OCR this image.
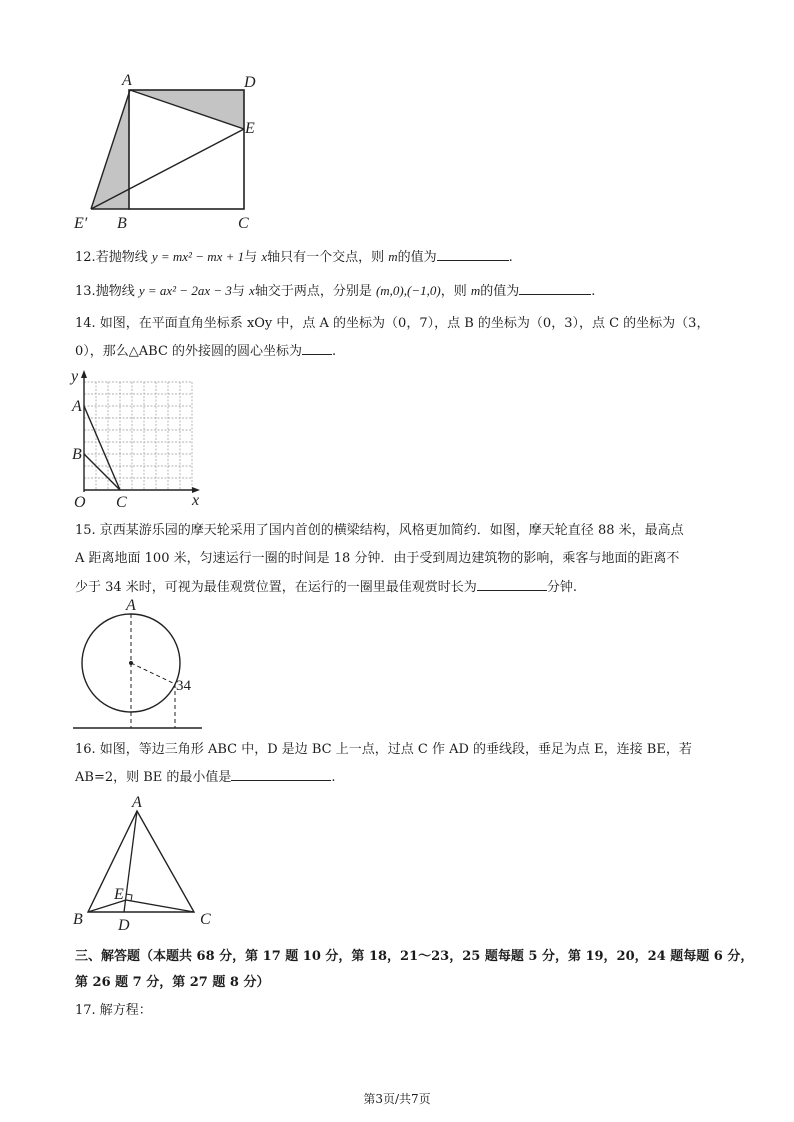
A	D
E
E′ B	C
12.若抛物线 y = mx² − mx + 1与 x轴只有一个交点，则 m的值为	.
13.抛物线 y = ax² − 2ax − 3与 x轴交于两点，分别是 (m,0),(−1,0)，则 m的值为	.
14. 如图，在平面直角坐标系 xOy 中，点 A 的坐标为（0，7），点 B 的坐标为（0，3），点 C 的坐标为（3，
0），那么△ABC 的外接圆的圆心坐标为 .
y
A
B
O C	x
15. 京西某游乐园的摩天轮采用了国内首创的横梁结构，风格更加简约．如图，摩天轮直径 88 米，最高点
A 距离地面 100 米，匀速运行一圈的时间是 18 分钟．由于受到周边建筑物的影响，乘客与地面的距离不
少于 34 米时，可视为最佳观赏位置，在运行的一圈里最佳观赏时长为	分钟.
A
34
16. 如图，等边三角形 ABC 中，D 是边 BC 上一点，过点 C 作 AD 的垂线段，垂足为点 E，连接 BE，若
AB=2，则 BE 的最小值是	.
A
B	C
D
E
三、解答题（本题共 68 分，第 17 题 10 分，第 18，21～23，25 题每题 5 分，第 19，20，24 题每题 6 分，
第 26 题 7 分，第 27 题 8 分）
17. 解方程：
第3页/共7页
